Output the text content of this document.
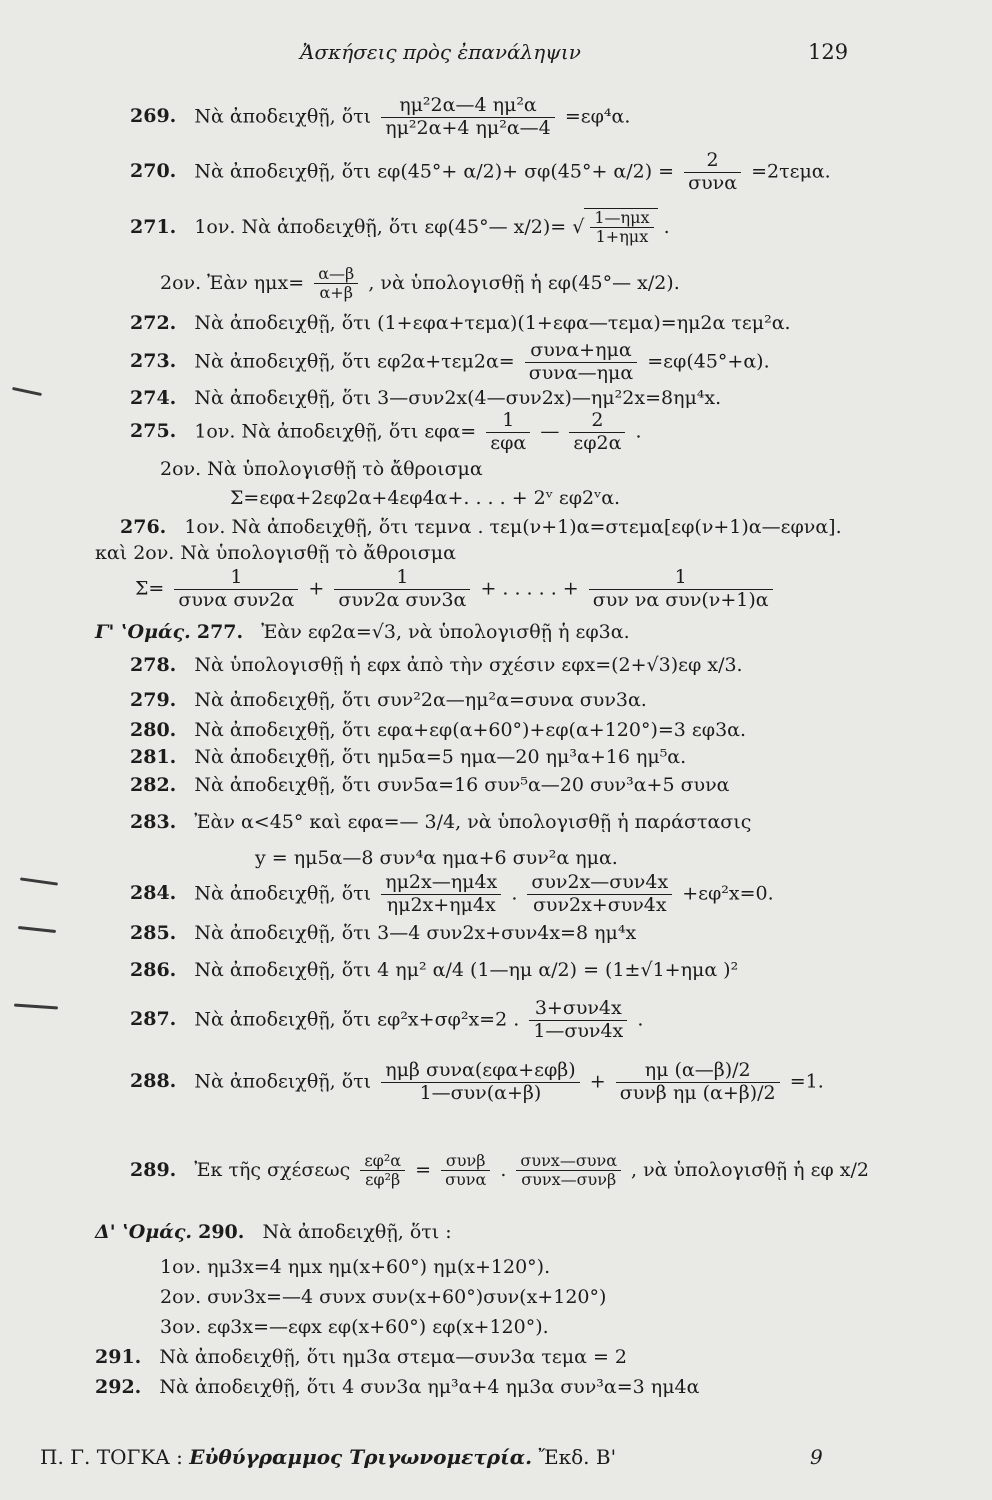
Ἀσκήσεις πρὸς ἐπανάληψιν	129
269. Νὰ ἀποδειχθῇ, ὅτι $\frac{\text{ημ²2α—4 ημ²α}}{\text{ημ²2α+4 ημ²α—4}} =\varepsilon\varphi^4\alpha$.
270. Νὰ ἀποδειχθῇ, ὅτι $\varepsilon\varphi(45^\circ+ \alpha/2)+ \sigma\varphi(45^\circ+ \alpha/2) = \frac{2}{\text{συνα}} =2\tau\varepsilon\mu\alpha$.
271. 1ον. Νὰ ἀποδειχθῇ, ὅτι εφ(45°— x/2)= √ $\frac{\text{1—ημx}}{\text{1+ημx}}$ .
2ον. Ἐὰν $\eta\mu x= \frac{\alpha—\beta}{\alpha+\beta}$ , νὰ ὑπολογισθῇ ἡ εφ(45°— x/2).
272. Νὰ ἀποδειχθῇ, ὅτι (1+εφα+τεμα)(1+εφα—τεμα)=ημ2α τεμ²α.
273. Νὰ ἀποδειχθῇ, ὅτι $\varepsilon\varphi 2\alpha+\tau\varepsilon\mu 2\alpha= \frac{\text{συνα+ημα}}{\text{συνα—ημα}} =\varepsilon\varphi(45^\circ+\alpha)$.
274. Νὰ ἀποδειχθῇ, ὅτι 3—συν2x(4—συν2x)—ημ²2x=8ημ⁴x.
275. 1ον. Νὰ ἀποδειχθῇ, ὅτι $\varepsilon\varphi\alpha= \frac{1}{\text{εφα}}$ — $\frac{2}{\varepsilon\varphi 2\alpha}$ .
2ον. Νὰ ὑπολογισθῇ τὸ ἄθροισμα
Σ=εφα+2εφ2α+4εφ4α+. . . . + 2ᵛ εφ2ᵛα.
276. 1ον. Νὰ ἀποδειχθῇ, ὅτι τεμνα . τεμ(ν+1)α=στεμα[εφ(ν+1)α—εφνα].
καὶ 2ον. Νὰ ὑπολογισθῇ τὸ ἄθροισμα
$\Sigma= \frac{1}{\text{συνα συν2α}} + \frac{1}{\text{συν2α συν3α}}$ + . . . . . + $\frac{1}{\text{συν να συν(ν+1)α}}$
Γ' ʽΟμάς. 277. Ἐὰν εφ2α=√3, νὰ ὑπολογισθῇ ἡ εφ3α.
278. Νὰ ὑπολογισθῇ ἡ εφx ἀπὸ τὴν σχέσιν εφx=(2+√3)εφ x/3.
279. Νὰ ἀποδειχθῇ, ὅτι συν²2α—ημ²α=συνα συν3α.
280. Νὰ ἀποδειχθῇ, ὅτι εφα+εφ(α+60°)+εφ(α+120°)=3 εφ3α.
281. Νὰ ἀποδειχθῇ, ὅτι ημ5α=5 ημα—20 ημ³α+16 ημ⁵α.
282. Νὰ ἀποδειχθῇ, ὅτι συν5α=16 συν⁵α—20 συν³α+5 συνα
283. Ἐὰν α<45° καὶ εφα=— 3/4, νὰ ὑπολογισθῇ ἡ παράστασις
y = ημ5α—8 συν⁴α ημα+6 συν²α ημα.
284. Νὰ ἀποδειχθῇ, ὅτι $\frac{\eta\mu 2x—\eta\mu 4x}{\eta\mu 2x+\eta\mu 4x}$ . $\frac{\text{συν2x—συν4x}}{\text{συν2x+συν4x}} +\varepsilon\varphi^2x=0$.
285. Νὰ ἀποδειχθῇ, ὅτι 3—4 συν2x+συν4x=8 ημ⁴x
286. Νὰ ἀποδειχθῇ, ὅτι 4 ημ² α/4 (1—ημ α/2) = (1±√1+ημα )²
287. Νὰ ἀποδειχθῇ, ὅτι εφ²x+σφ²x=2 . $\frac{\text{3+συν4x}}{\text{1—συν4x}}$ .
288. Νὰ ἀποδειχθῇ, ὅτι $\frac{\text{ημβ συνα(εφα+εφβ)}}{\text{1—συν(α+β)}} + \frac{\eta\mu (\alpha—\beta)/2}{\text{συνβ ημ (α+β)/2}} =1$.
289. Ἐκ τῆς σχέσεως $\frac{\text{εφ²α}}{\text{εφ²β}} = \frac{\text{συνβ}}{\text{συνα}}$ . $\frac{\text{συνx—συνα}}{\text{συνx—συνβ}}$ , νὰ ὑπολογισθῇ ἡ εφ x/2
Δ' ʽΟμάς. 290. Νὰ ἀποδειχθῇ, ὅτι :
1ον. ημ3x=4 ημx ημ(x+60°) ημ(x+120°).
2ον. συν3x=—4 συνx συν(x+60°)συν(x+120°)
3ον. εφ3x=—εφx εφ(x+60°) εφ(x+120°).
291. Νὰ ἀποδειχθῇ, ὅτι ημ3α στεμα—συν3α τεμα = 2
292. Νὰ ἀποδειχθῇ, ὅτι 4 συν3α ημ³α+4 ημ3α συν³α=3 ημ4α
Π. Γ. ΤΟΓΚΑ : Εὐθύγραμμος Τριγωνομετρία. Ἔκδ. Β'	9
